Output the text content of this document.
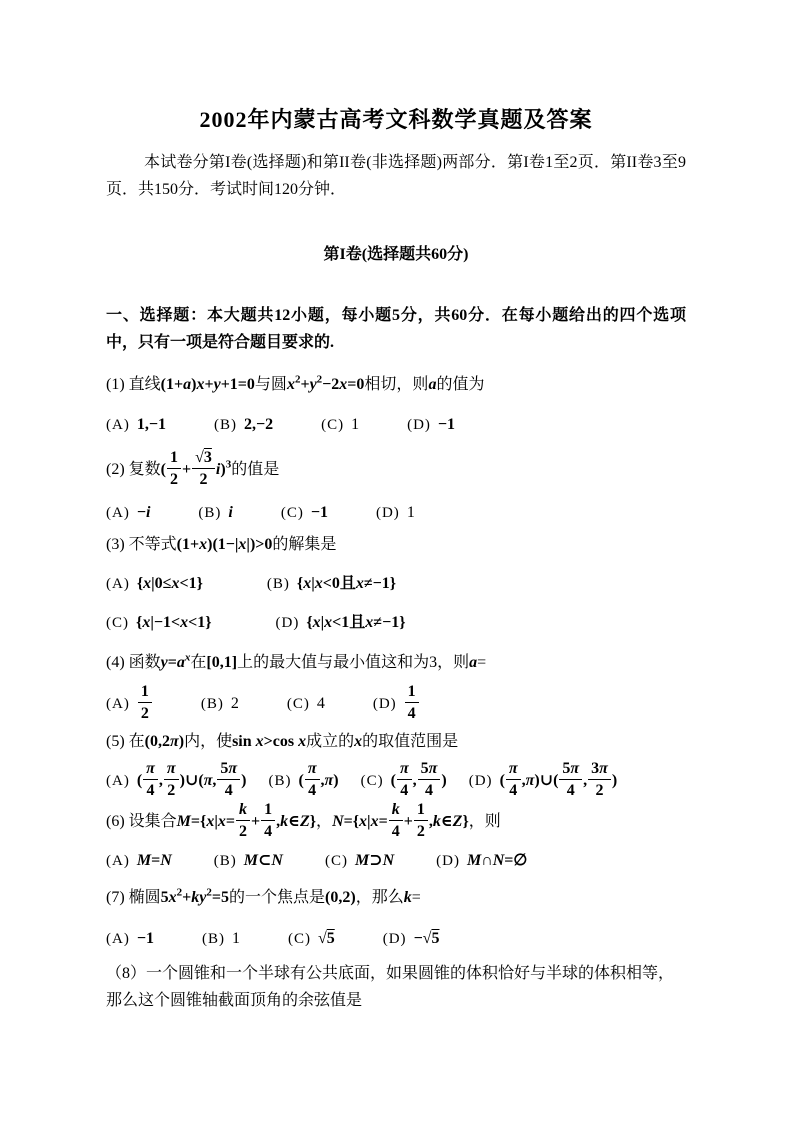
2002年内蒙古高考文科数学真题及答案

本试卷分第I卷(选择题)和第II卷(非选择题)两部分．第I卷1至2页．第II卷3至9页．共150分．考试时间120分钟．

第I卷(选择题共60分)

一、选择题：本大题共12小题，每小题5分，共60分．在每小题给出的四个选项中，只有一项是符合题目要求的.

(1) 直线(1+a)x+y+1=0与圆$x^2+y^2-2x=0$相切，则a的值为

(A) 1,−1	(B) 2,−2	(C) 1	(D) −1

(2) 复数( $\frac{1}{2} + \frac{√3}{2} i)^3$的值是

(A) −i	(B) i	(C) −1	(D) 1

(3) 不等式(1+x)(1−|x|)>0的解集是

(A) {x|0≤x<1}	(B) {x|x<0且x≠−1}

(C) {x|−1<x<1}	(D) {x|x<1且x≠−1}

(4) 函数$y=a^x$在[0,1]上的最大值与最小值这和为3，则a=

$(A) \frac{1}{2}$	(B) 2	(C) 4	$(D) \frac{1}{4}$

(5) 在(0,2π)内，使sin x>cos x成立的x的取值范围是

(A) ( $\frac{\pi}{4}$ , $\frac{\pi}{2}$ )∪(π, $\frac{5\pi}{4}$ ) (B) ( $\frac{\pi}{4} ,\pi$) (C) ( $\frac{\pi}{4}$ , $\frac{5\pi}{4}$ ) (D) ( $\frac{\pi}{4}$ ,π)∪( $\frac{5\pi}{4}$ , $\frac{3\pi}{2}$ )

(6) 设集合$M=\{x|x= \frac{k}{2} + \frac{1}{4}$ ,k∈Z}，$N=\{x|x= \frac{k}{4} + \frac{1}{2}$ ,k∈Z}，则

(A) M=N	(B) M⊂N	(C) M⊃N	(D) M∩N=∅

(7) 椭圆$5x^2+ky^2=5$的一个焦点是(0,2)，那么k=

(A) −1	(B) 1	(C) √5	(D) −√5

（8）一个圆锥和一个半球有公共底面，如果圆锥的体积恰好与半球的体积相等，那么这个圆锥轴截面顶角的余弦值是
